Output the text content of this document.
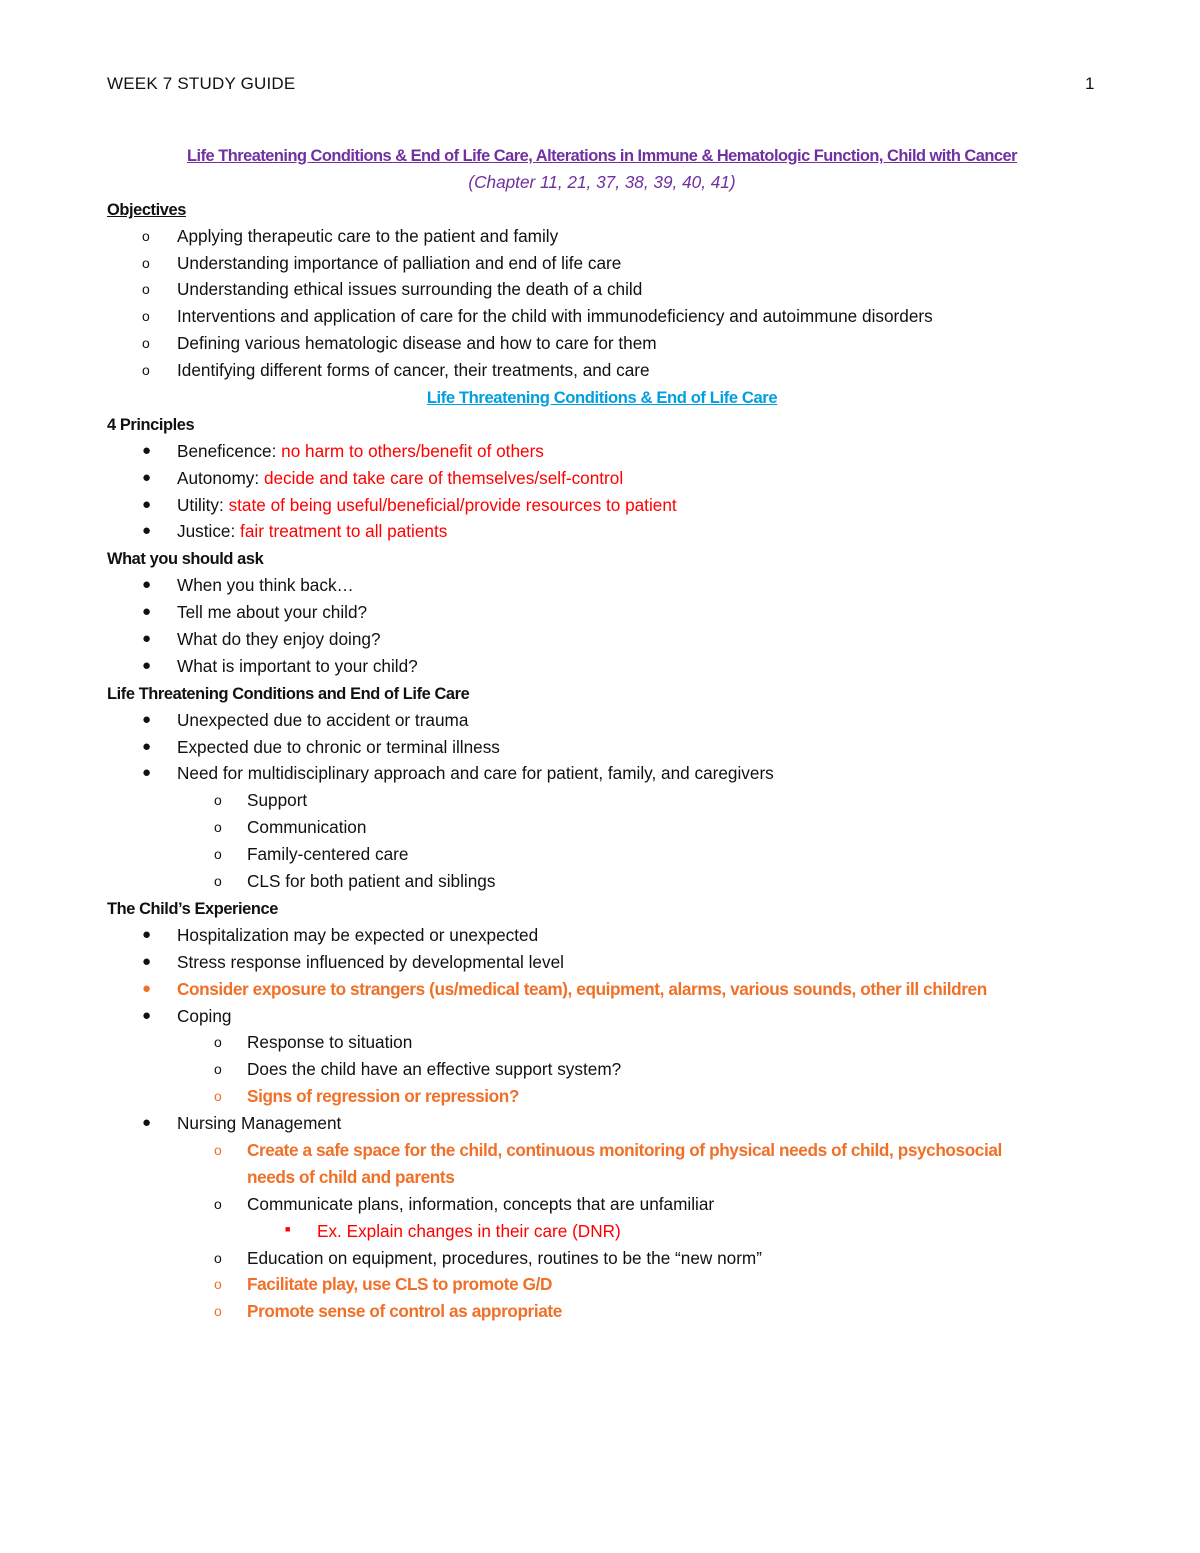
WEEK 7 STUDY GUIDE	1
Life Threatening Conditions & End of Life Care, Alterations in Immune & Hematologic Function, Child with Cancer
(Chapter 11, 21, 37, 38, 39, 40, 41)
Objectives
o Applying therapeutic care to the patient and family
o Understanding importance of palliation and end of life care
o Understanding ethical issues surrounding the death of a child
o Interventions and application of care for the child with immunodeficiency and autoimmune disorders
o Defining various hematologic disease and how to care for them
o Identifying different forms of cancer, their treatments, and care
Life Threatening Conditions & End of Life Care
4 Principles
● Beneficence: no harm to others/benefit of others
● Autonomy: decide and take care of themselves/self-control
● Utility: state of being useful/beneficial/provide resources to patient
● Justice: fair treatment to all patients
What you should ask
● When you think back…
● Tell me about your child?
● What do they enjoy doing?
● What is important to your child?
Life Threatening Conditions and End of Life Care
● Unexpected due to accident or trauma
● Expected due to chronic or terminal illness
● Need for multidisciplinary approach and care for patient, family, and caregivers
o Support
o Communication
o Family-centered care
o CLS for both patient and siblings
The Child’s Experience
● Hospitalization may be expected or unexpected
● Stress response influenced by developmental level
● Consider exposure to strangers (us/medical team), equipment, alarms, various sounds, other ill children
● Coping
o Response to situation
o Does the child have an effective support system?
o Signs of regression or repression?
● Nursing Management
o Create a safe space for the child, continuous monitoring of physical needs of child, psychosocial
needs of child and parents
o Communicate plans, information, concepts that are unfamiliar
■ Ex. Explain changes in their care (DNR)
o Education on equipment, procedures, routines to be the “new norm”
o Facilitate play, use CLS to promote G/D
o Promote sense of control as appropriate
